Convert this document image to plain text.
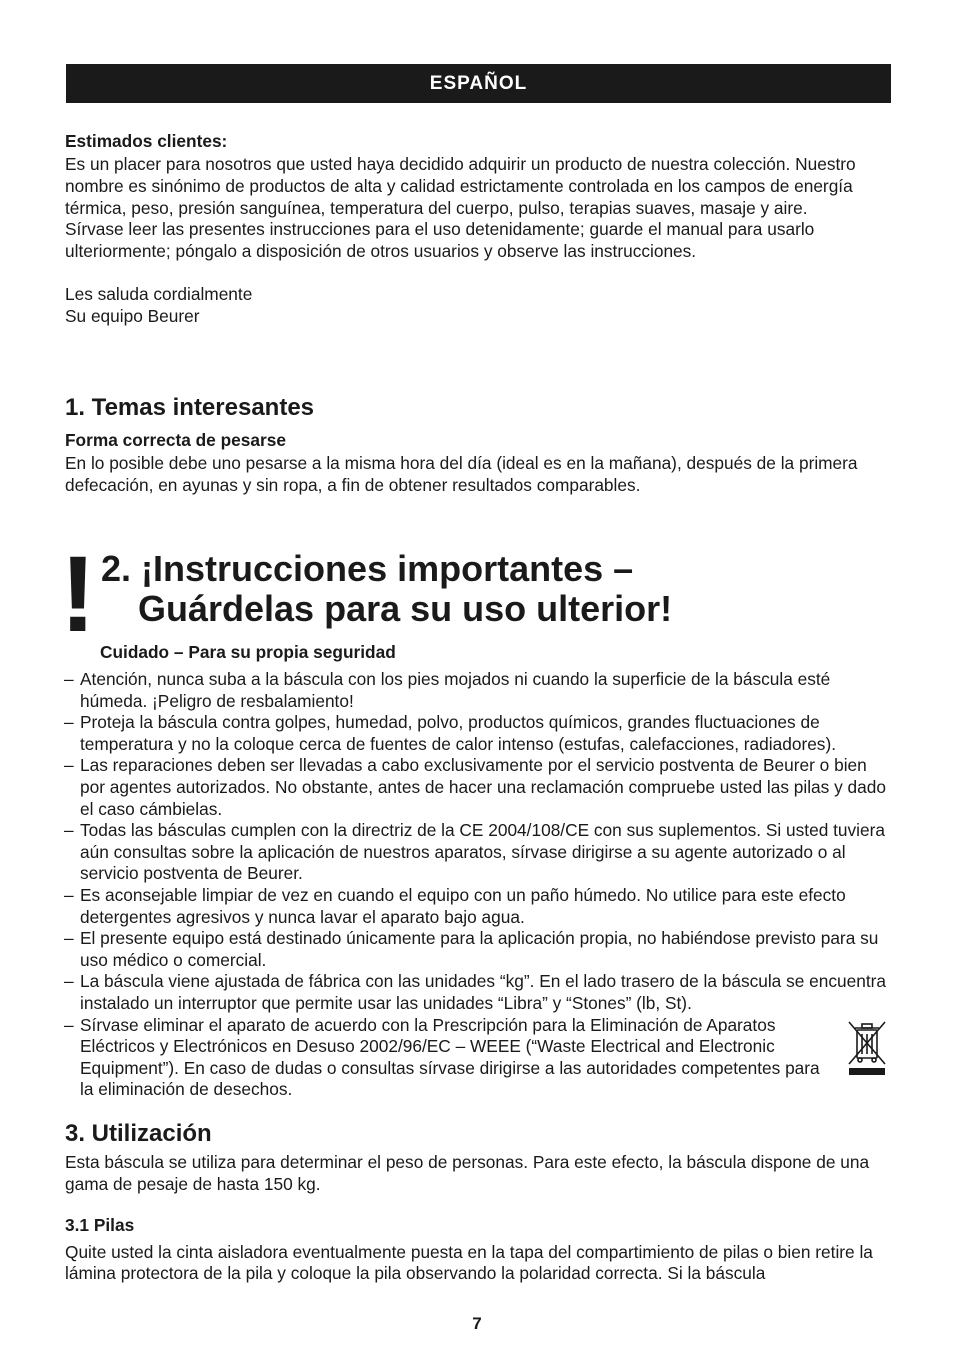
ESPAÑOL
Estimados clientes:

Es un placer para nosotros que usted haya decidido adquirir un producto de nuestra colección. Nuestro nombre es sinónimo de productos de alta y calidad estrictamente controlada en los campos de energía térmica, peso, presión sanguínea, temperatura del cuerpo, pulso, terapias suaves, masaje y aire.

Sírvase leer las presentes instrucciones para el uso detenidamente; guarde el manual para usarlo ulteriormente; póngalo a disposición de otros usuarios y observe las instrucciones.

Les saluda cordialmente

Su equipo Beurer

1. Temas interesantes
Forma correcta de pesarse

En lo posible debe uno pesarse a la misma hora del día (ideal es en la mañana), después de la primera defecación, en ayunas y sin ropa, a fin de obtener resultados comparables.

! 2. ¡Instrucciones importantes –
Guárdelas para su uso ulterior!
Cuidado – Para su propia seguridad
– Atención, nunca suba a la báscula con los pies mojados ni cuando la superficie de la báscula esté húmeda. ¡Peligro de resbalamiento!
– Proteja la báscula contra golpes, humedad, polvo, productos químicos, grandes fluctuaciones de temperatura y no la coloque cerca de fuentes de calor intenso (estufas, calefacciones, radiadores).
– Las reparaciones deben ser llevadas a cabo exclusivamente por el servicio postventa de Beurer o bien por agentes autorizados. No obstante, antes de hacer una reclamación compruebe usted las pilas y dado el caso cámbielas.
– Todas las básculas cumplen con la directriz de la CE 2004/108/CE con sus suplementos. Si usted tuviera aún consultas sobre la aplicación de nuestros aparatos, sírvase dirigirse a su agente autorizado o al servicio postventa de Beurer.
– Es aconsejable limpiar de vez en cuando el equipo con un paño húmedo. No utilice para este efecto detergentes agresivos y nunca lavar el aparato bajo agua.
– El presente equipo está destinado únicamente para la aplicación propia, no habiéndose previsto para su uso médico o comercial.
– La báscula viene ajustada de fábrica con las unidades “kg”. En el lado trasero de la báscula se encuentra instalado un interruptor que permite usar las unidades “Libra” y “Stones” (lb, St).
– Sírvase eliminar el aparato de acuerdo con la Prescripción para la Eliminación de Aparatos Eléctricos y Electrónicos en Desuso 2002/96/EC – WEEE (“Waste Electrical and Electronic Equipment”). En caso de dudas o consultas sírvase dirigirse a las autoridades competentes para la eliminación de desechos.
3. Utilización

Esta báscula se utiliza para determinar el peso de personas. Para este efecto, la báscula dispone de una gama de pesaje de hasta 150 kg.

3.1 Pilas

Quite usted la cinta aisladora eventualmente puesta en la tapa del compartimiento de pilas o bien retire la lámina protectora de la pila y coloque la pila observando la polaridad correcta. Si la báscula

7
